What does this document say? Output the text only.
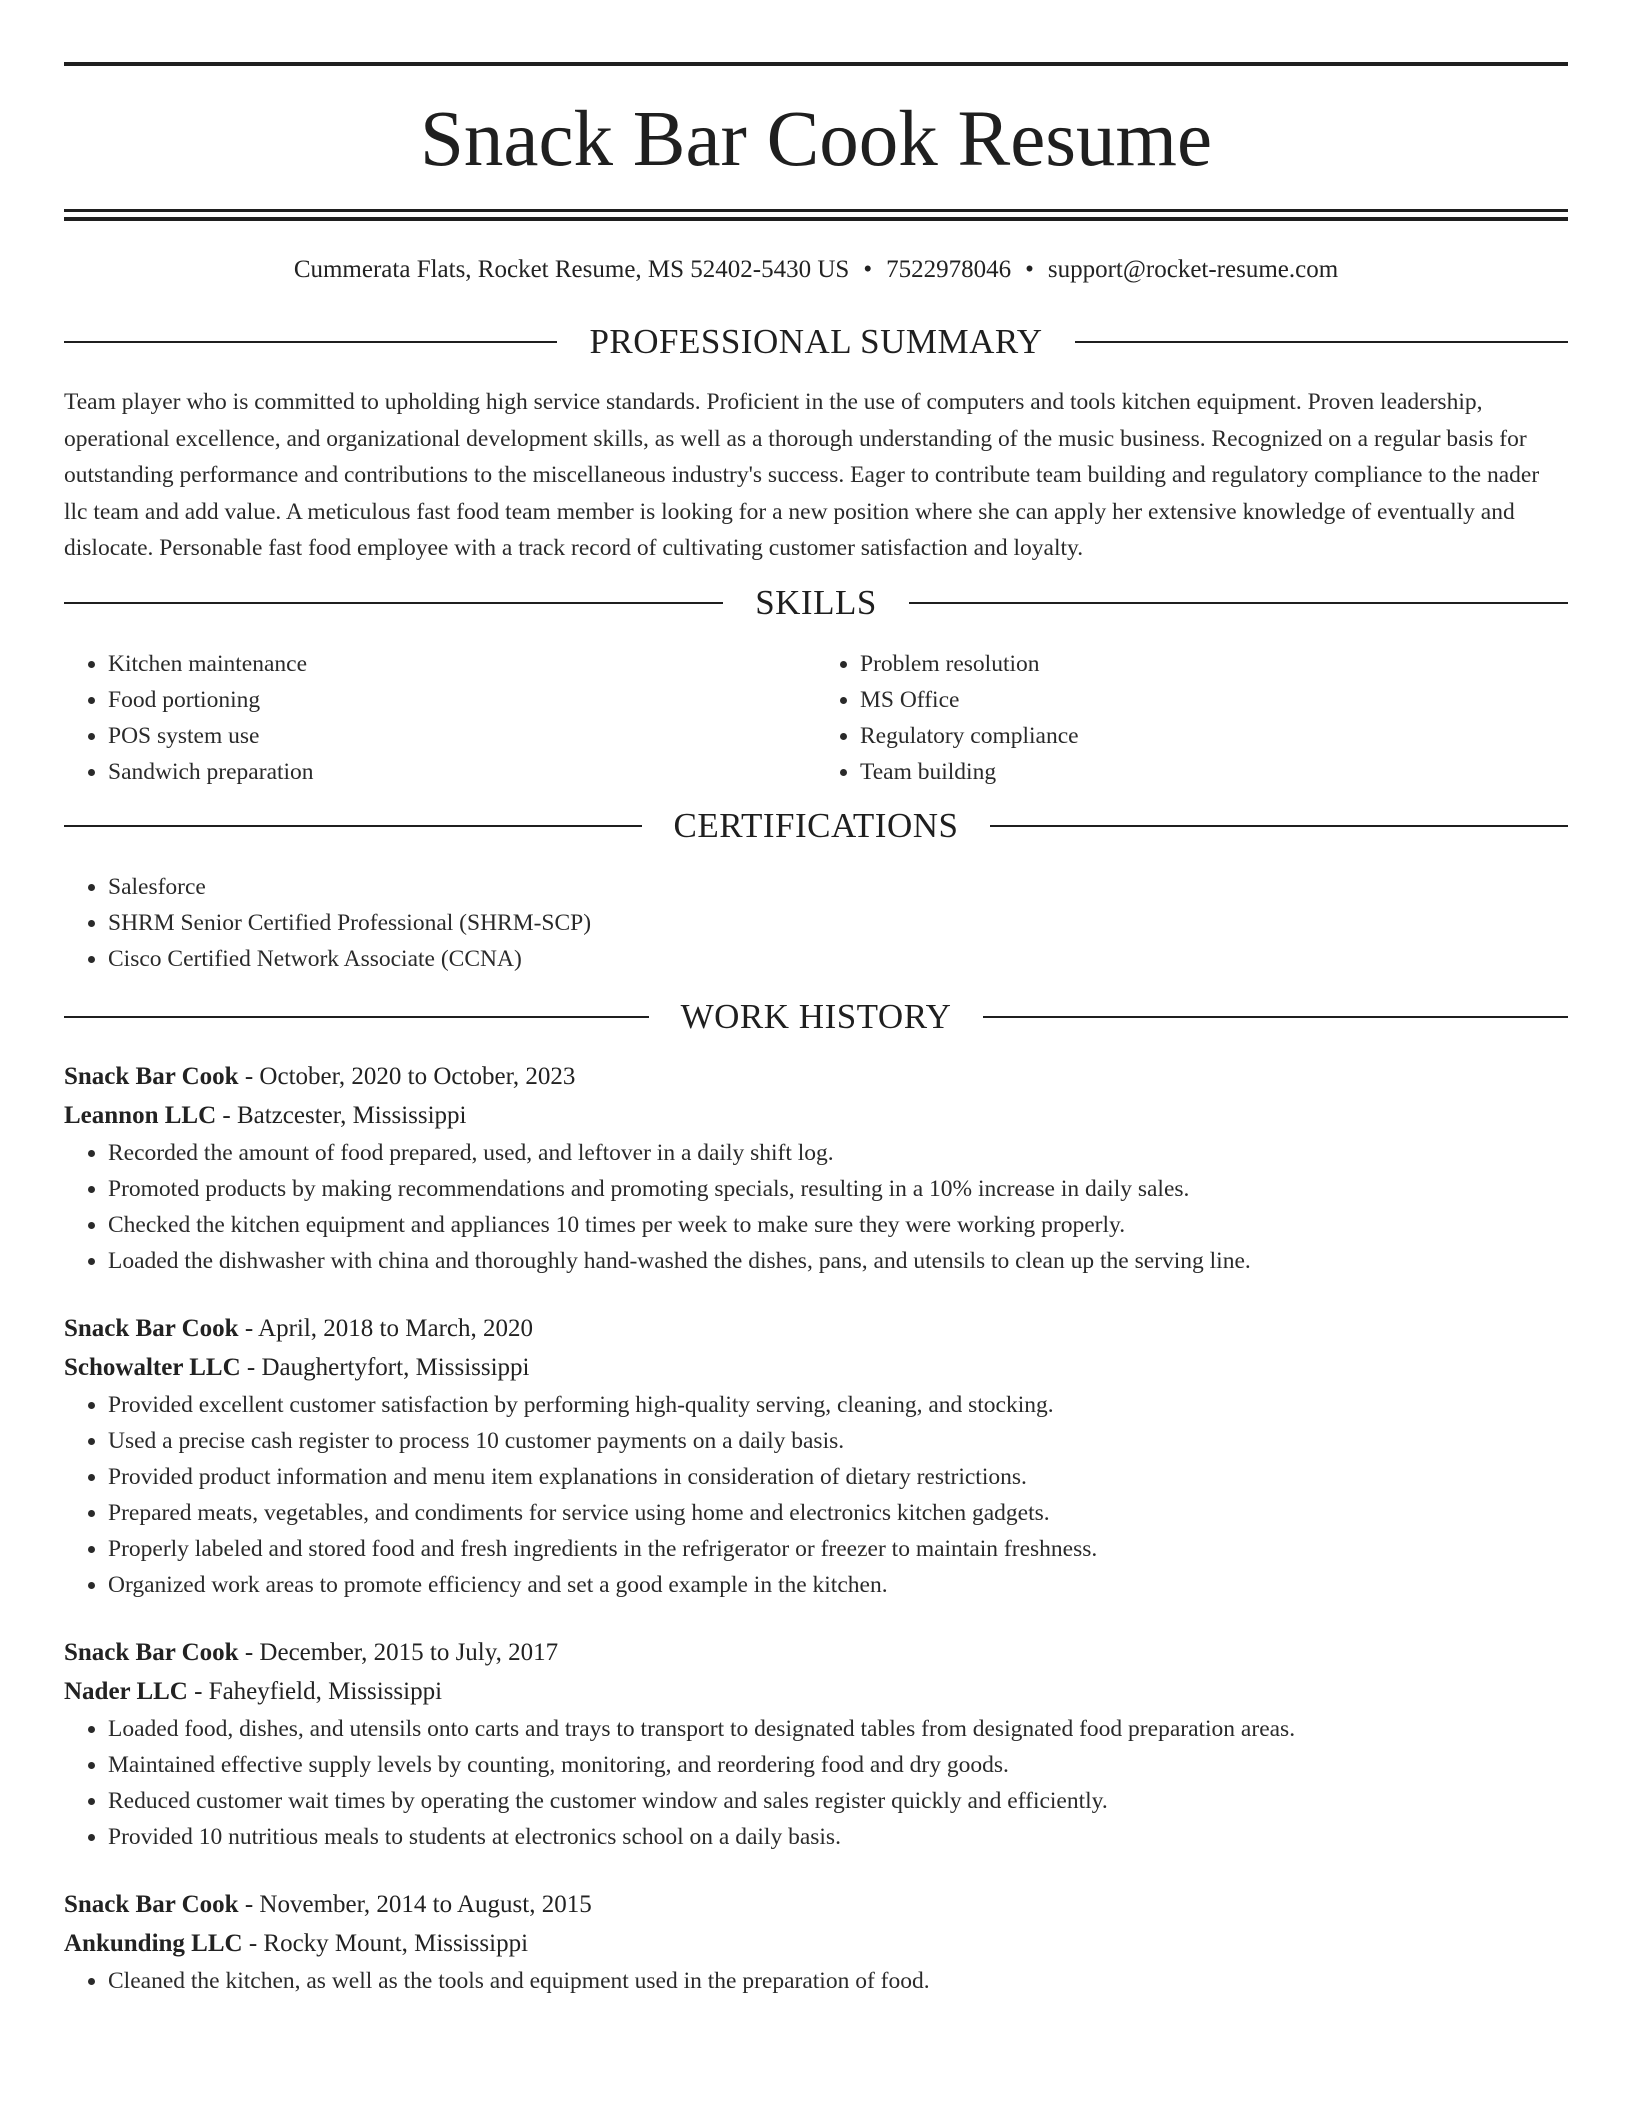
Snack Bar Cook Resume
Cummerata Flats, Rocket Resume, MS 52402-5430 US • 7522978046 • support@rocket-resume.com
PROFESSIONAL SUMMARY

Team player who is committed to upholding high service standards. Proficient in the use of computers and tools kitchen equipment. Proven leadership, operational excellence, and organizational development skills, as well as a thorough understanding of the music business. Recognized on a regular basis for outstanding performance and contributions to the miscellaneous industry's success. Eager to contribute team building and regulatory compliance to the nader llc team and add value. A meticulous fast food team member is looking for a new position where she can apply her extensive knowledge of eventually and dislocate. Personable fast food employee with a track record of cultivating customer satisfaction and loyalty.

SKILLS
• Kitchen maintenance
• Food portioning
• POS system use
• Sandwich preparation
• Problem resolution
• MS Office
• Regulatory compliance
• Team building
CERTIFICATIONS
• Salesforce
• SHRM Senior Certified Professional (SHRM-SCP)
• Cisco Certified Network Associate (CCNA)
WORK HISTORY
Snack Bar Cook - October, 2020 to October, 2023
Leannon LLC - Batzcester, Mississippi
• Recorded the amount of food prepared, used, and leftover in a daily shift log.
• Promoted products by making recommendations and promoting specials, resulting in a 10% increase in daily sales.
• Checked the kitchen equipment and appliances 10 times per week to make sure they were working properly.
• Loaded the dishwasher with china and thoroughly hand-washed the dishes, pans, and utensils to clean up the serving line.
Snack Bar Cook - April, 2018 to March, 2020
Schowalter LLC - Daughertyfort, Mississippi
• Provided excellent customer satisfaction by performing high-quality serving, cleaning, and stocking.
• Used a precise cash register to process 10 customer payments on a daily basis.
• Provided product information and menu item explanations in consideration of dietary restrictions.
• Prepared meats, vegetables, and condiments for service using home and electronics kitchen gadgets.
• Properly labeled and stored food and fresh ingredients in the refrigerator or freezer to maintain freshness.
• Organized work areas to promote efficiency and set a good example in the kitchen.
Snack Bar Cook - December, 2015 to July, 2017
Nader LLC - Faheyfield, Mississippi
• Loaded food, dishes, and utensils onto carts and trays to transport to designated tables from designated food preparation areas.
• Maintained effective supply levels by counting, monitoring, and reordering food and dry goods.
• Reduced customer wait times by operating the customer window and sales register quickly and efficiently.
• Provided 10 nutritious meals to students at electronics school on a daily basis.
Snack Bar Cook - November, 2014 to August, 2015
Ankunding LLC - Rocky Mount, Mississippi
• Cleaned the kitchen, as well as the tools and equipment used in the preparation of food.
